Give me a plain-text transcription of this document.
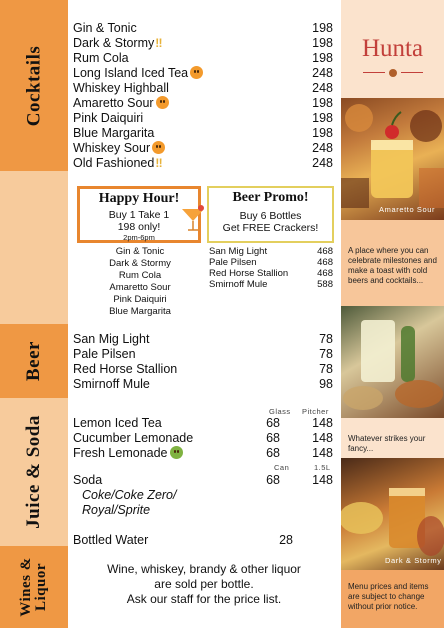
Cocktails
Beer
Juice & Soda
Wines & Liquor
Hunta
Amaretto Sour
A place where you can celebrate milestones and make a toast with cold beers and cocktails...
Whatever strikes your fancy...
Dark & Stormy
Menu prices and items are subject to change without prior notice.
Gin & Tonic	198
Dark & Stormy‼	198
Rum Cola	198
Long Island Iced Tea	248
Whiskey Highball	248
Amaretto Sour	198
Pink Daiquiri	198
Blue Margarita	198
Whiskey Sour	248
Old Fashioned‼	248
Happy Hour!
Buy 1 Take 1
198 only!
2pm-6pm
Beer Promo!
Buy 6 Bottles
Get FREE Crackers!
Gin & Tonic
Dark & Stormy
Rum Cola
Amaretto Sour
Pink Daiquiri
Blue Margarita
San Mig Light	468
Pale Pilsen	468
Red Horse Stallion	468
Smirnoff Mule	588
San Mig Light	78
Pale Pilsen	78
Red Horse Stallion	78
Smirnoff Mule	98
Glass Pitcher
Lemon Iced Tea	68	148
Cucumber Lemonade	68	148
Fresh Lemonade	68	148
Can	1.5L
Soda	68	148
Coke/Coke Zero/
Royal/Sprite
Bottled Water	28
Wine, whiskey, brandy & other liquor
are sold per bottle.
Ask our staff for the price list.
